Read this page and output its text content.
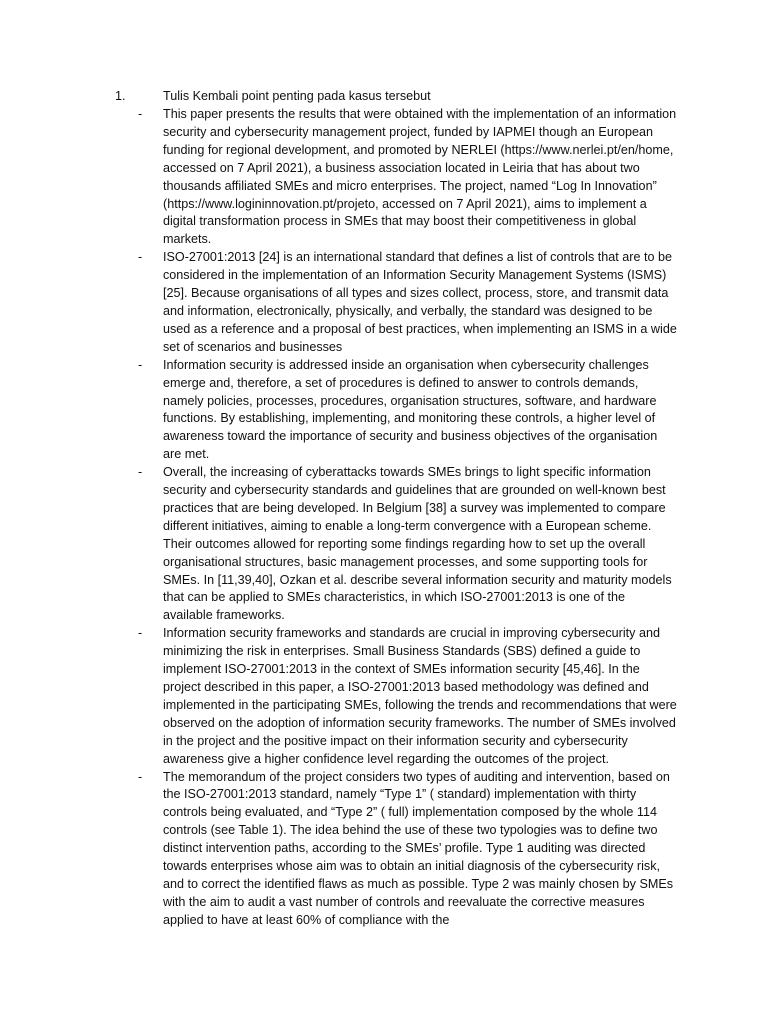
1.	Tulis Kembali point penting pada kasus tersebut
- This paper presents the results that were obtained with the implementation of an information security and cybersecurity management project, funded by IAPMEI though an European funding for regional development, and promoted by NERLEI (https://www.nerlei.pt/en/home, accessed on 7 April 2021), a business association located in Leiria that has about two thousands affiliated SMEs and micro enterprises. The project, named “Log In Innovation” (https://www.logininnovation.pt/projeto, accessed on 7 April 2021), aims to implement a digital transformation process in SMEs that may boost their competitiveness in global markets.
- ISO-27001:2013 [24] is an international standard that defines a list of controls that are to be considered in the implementation of an Information Security Management Systems (ISMS) [25]. Because organisations of all types and sizes collect, process, store, and transmit data and information, electronically, physically, and verbally, the standard was designed to be used as a reference and a proposal of best practices, when implementing an ISMS in a wide set of scenarios and businesses
- Information security is addressed inside an organisation when cybersecurity challenges emerge and, therefore, a set of procedures is defined to answer to controls demands, namely policies, processes, procedures, organisation structures, software, and hardware functions. By establishing, implementing, and monitoring these controls, a higher level of awareness toward the importance of security and business objectives of the organisation are met.
- Overall, the increasing of cyberattacks towards SMEs brings to light specific information security and cybersecurity standards and guidelines that are grounded on well-known best practices that are being developed. In Belgium [38] a survey was implemented to compare different initiatives, aiming to enable a long-term convergence with a European scheme. Their outcomes allowed for reporting some findings regarding how to set up the overall organisational structures, basic management processes, and some supporting tools for SMEs. In [11,39,40], Ozkan et al. describe several information security and maturity models that can be applied to SMEs characteristics, in which ISO-27001:2013 is one of the available frameworks.
- Information security frameworks and standards are crucial in improving cybersecurity and minimizing the risk in enterprises. Small Business Standards (SBS) defined a guide to implement ISO-27001:2013 in the context of SMEs information security [45,46]. In the project described in this paper, a ISO-27001:2013 based methodology was defined and implemented in the participating SMEs, following the trends and recommendations that were observed on the adoption of information security frameworks. The number of SMEs involved in the project and the positive impact on their information security and cybersecurity awareness give a higher confidence level regarding the outcomes of the project.
- The memorandum of the project considers two types of auditing and intervention, based on the ISO-27001:2013 standard, namely “Type 1” ( standard) implementation with thirty controls being evaluated, and “Type 2” ( full) implementation composed by the whole 114 controls (see Table 1). The idea behind the use of these two typologies was to define two distinct intervention paths, according to the SMEs’ profile. Type 1 auditing was directed towards enterprises whose aim was to obtain an initial diagnosis of the cybersecurity risk, and to correct the identified flaws as much as possible. Type 2 was mainly chosen by SMEs with the aim to audit a vast number of controls and reevaluate the corrective measures applied to have at least 60% of compliance with the
